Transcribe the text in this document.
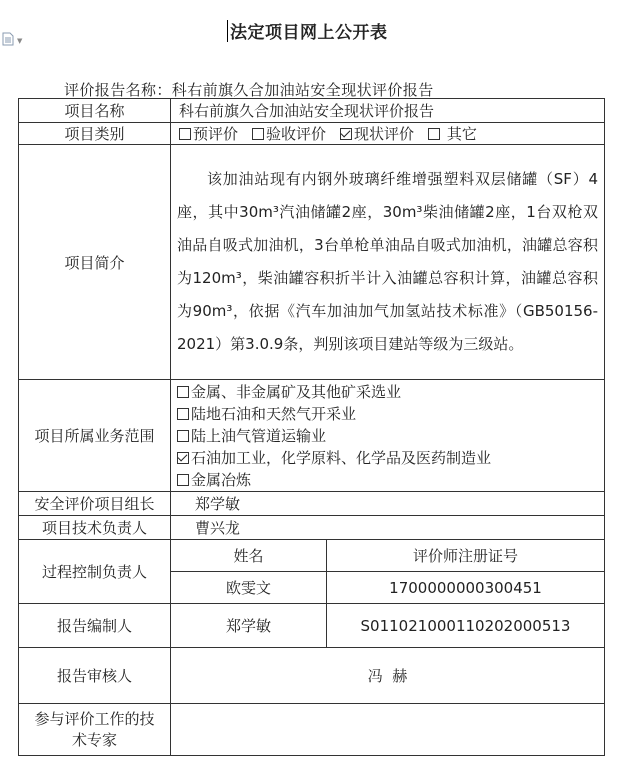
▼	法定项目网上公开表
评价报告名称：科右前旗久合加油站安全现状评价报告
项目名称	科右前旗久合加油站安全现状评价报告	
项目类别	预评价 验收评价 现状评价 其它	
项目简介	该加油站现有内钢外玻璃纤维增强塑料双层储罐（SF）4座，其中30m³汽油储罐2座，30m³柴油储罐2座，1台双枪双油品自吸式加油机，3台单枪单油品自吸式加油机，油罐总容积为120m³，柴油罐容积折半计入油罐总容积计算，油罐总容积为90m³，依据《汽车加油加气加氢站技术标准》（GB50156-2021）第3.0.9条，判别该项目建站等级为三级站。	

项目所属业务范围	金属、非金属矿及其他矿采选业
陆地石油和天然气开采业
陆上油气管道运输业
石油加工业，化学原料、化学品及医药制造业
金属冶炼	

安全评价项目组长	郑学敏	
项目技术负责人	曹兴龙	
过程控制负责人	姓名	评价师注册证号
	欧雯文	1700000000300451
报告编制人	郑学敏	S011021000110202000513
报告审核人	冯  赫	
参与评价工作的技术专家		
